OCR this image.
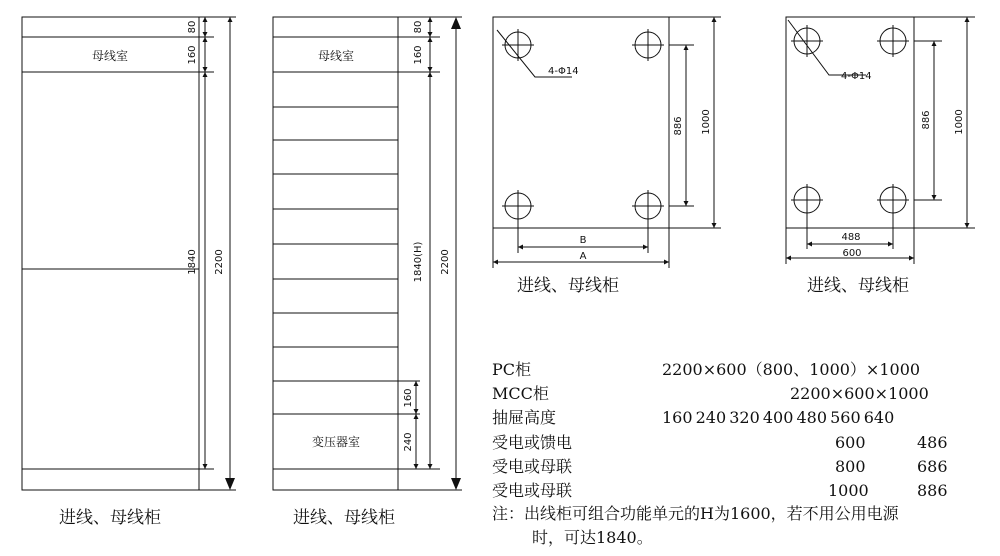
母线室
80
160
1840 2200
进线、母线柜
母线室
变压器室
80
160
1840(H)
160
240
2200
进线、母线柜
4-Φ14
886 1000
B
A
进线、母线柜
4-Φ14
886 1000
488
600
进线、母线柜
PC柜	2200×600（800、1000）×1000
MCC柜	2200×600×1000
抽屉高度	160 240 320 400 480 560 640
受电或馈电	600	486
受电或母联	800	686
受电或母联	1000	886
注：出线柜可组合功能单元的H为1600，若不用公用电源
时，可达1840。
